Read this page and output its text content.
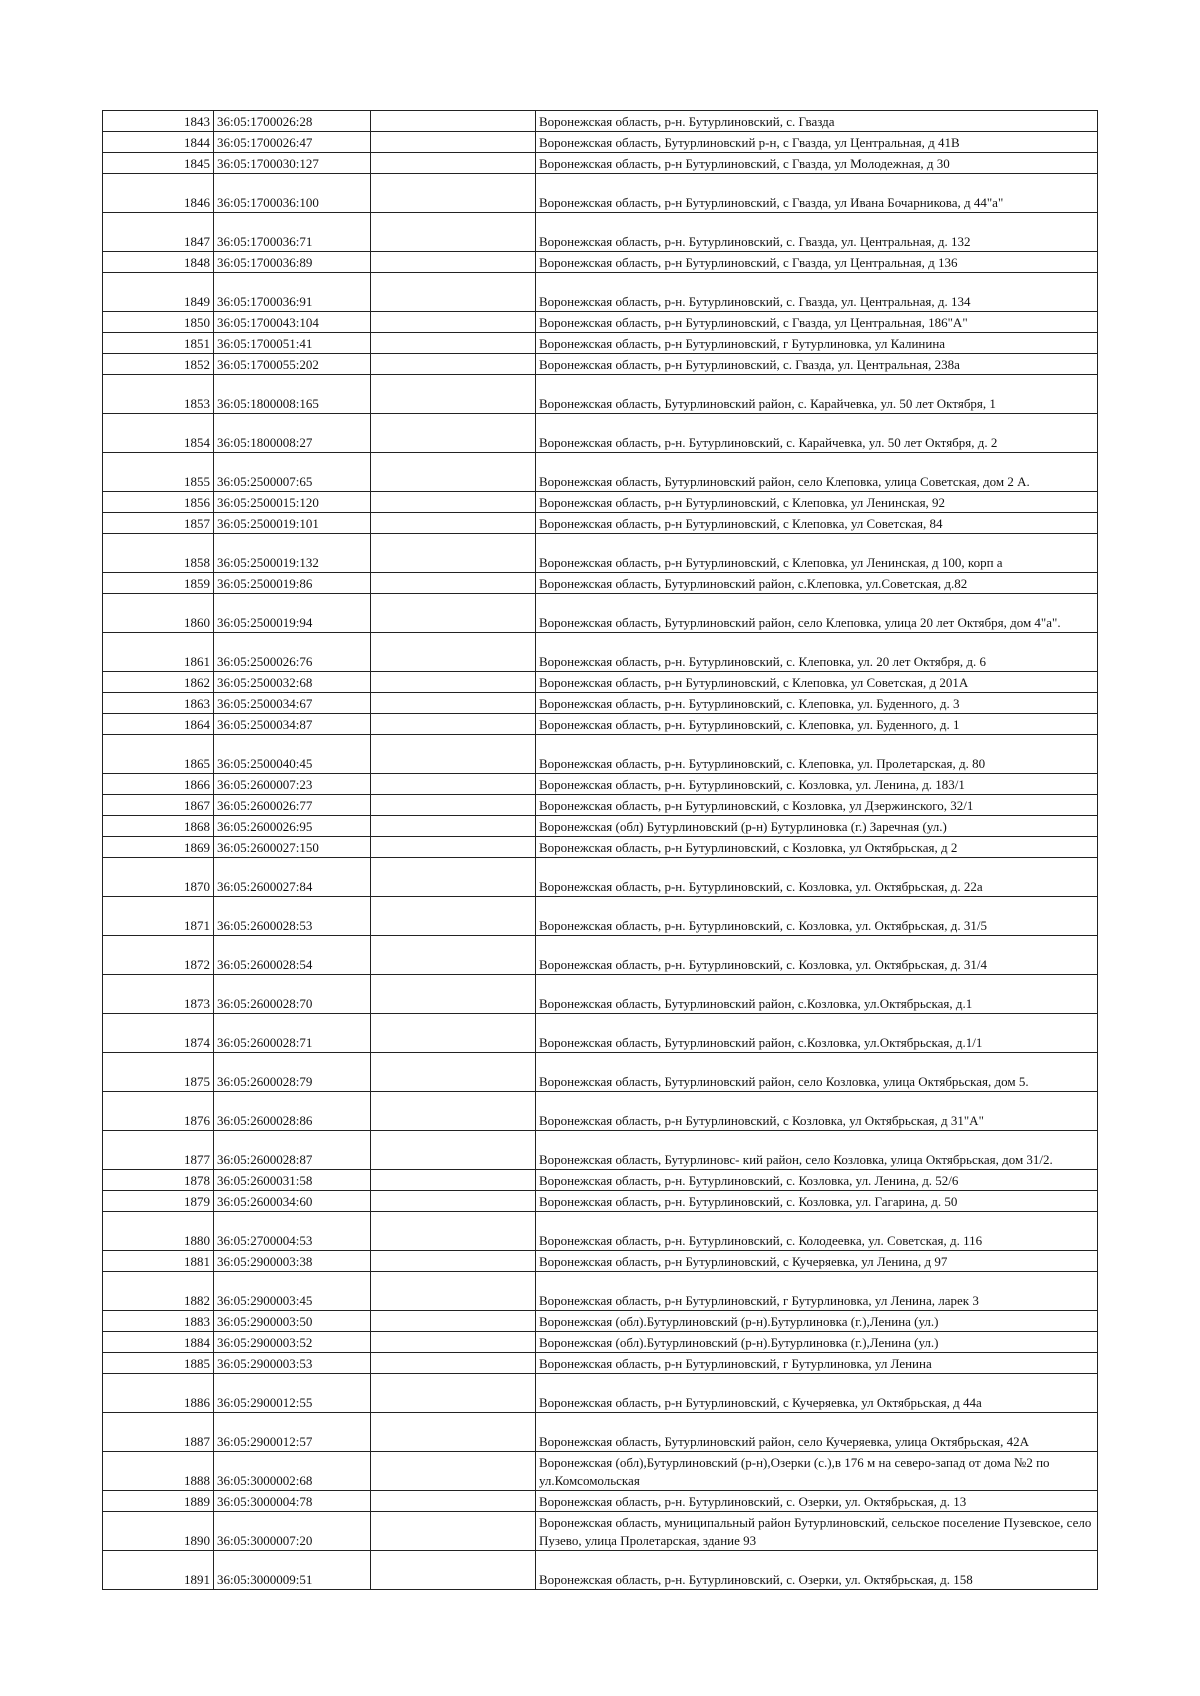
1843	36:05:1700026:28		Воронежская область, р-н. Бутурлиновский, с. Гвазда
1844	36:05:1700026:47		Воронежская область, Бутурлиновский р-н, с Гвазда, ул Центральная, д 41В
1845	36:05:1700030:127		Воронежская область, р-н Бутурлиновский, с Гвазда, ул Молодежная, д 30
1846	36:05:1700036:100		Воронежская область, р-н Бутурлиновский, с Гвазда, ул Ивана Бочарникова, д 44"а"
1847	36:05:1700036:71		Воронежская область, р-н. Бутурлиновский, с. Гвазда, ул. Центральная, д. 132
1848	36:05:1700036:89		Воронежская область, р-н Бутурлиновский, с Гвазда, ул Центральная, д 136
1849	36:05:1700036:91		Воронежская область, р-н. Бутурлиновский, с. Гвазда, ул. Центральная, д. 134
1850	36:05:1700043:104		Воронежская область, р-н Бутурлиновский, с Гвазда, ул Центральная, 186"А"
1851	36:05:1700051:41		Воронежская область, р-н Бутурлиновский, г Бутурлиновка, ул Калинина
1852	36:05:1700055:202		Воронежская область, р-н Бутурлиновский, с. Гвазда, ул. Центральная, 238а
1853	36:05:1800008:165		Воронежская область, Бутурлиновский район, с. Карайчевка, ул. 50 лет Октября, 1
1854	36:05:1800008:27		Воронежская область, р-н. Бутурлиновский, с. Карайчевка, ул. 50 лет Октября, д. 2
1855	36:05:2500007:65		Воронежская область, Бутурлиновский район, село Клеповка, улица Советская, дом 2 А.
1856	36:05:2500015:120		Воронежская область, р-н Бутурлиновский, с Клеповка, ул Ленинская, 92
1857	36:05:2500019:101		Воронежская область, р-н Бутурлиновский, с Клеповка, ул Советская, 84
1858	36:05:2500019:132		Воронежская область, р-н Бутурлиновский, с Клеповка, ул Ленинская, д 100, корп а
1859	36:05:2500019:86		Воронежская область, Бутурлиновский район, с.Клеповка, ул.Советская, д.82
1860	36:05:2500019:94		Воронежская область, Бутурлиновский район, село Клеповка, улица 20 лет Октября, дом 4"а".
1861	36:05:2500026:76		Воронежская область, р-н. Бутурлиновский, с. Клеповка, ул. 20 лет Октября, д. 6
1862	36:05:2500032:68		Воронежская область, р-н Бутурлиновский, с Клеповка, ул Советская, д 201А
1863	36:05:2500034:67		Воронежская область, р-н. Бутурлиновский, с. Клеповка, ул. Буденного, д. 3
1864	36:05:2500034:87		Воронежская область, р-н. Бутурлиновский, с. Клеповка, ул. Буденного, д. 1
1865	36:05:2500040:45		Воронежская область, р-н. Бутурлиновский, с. Клеповка, ул. Пролетарская, д. 80
1866	36:05:2600007:23		Воронежская область, р-н. Бутурлиновский, с. Козловка, ул. Ленина, д. 183/1
1867	36:05:2600026:77		Воронежская область, р-н Бутурлиновский, с Козловка, ул Дзержинского, 32/1
1868	36:05:2600026:95		Воронежская (обл) Бутурлиновский (р-н) Бутурлиновка (г.) Заречная (ул.)
1869	36:05:2600027:150		Воронежская область, р-н Бутурлиновский, с Козловка, ул Октябрьская, д 2
1870	36:05:2600027:84		Воронежская область, р-н. Бутурлиновский, с. Козловка, ул. Октябрьская, д. 22а
1871	36:05:2600028:53		Воронежская область, р-н. Бутурлиновский, с. Козловка, ул. Октябрьская, д. 31/5
1872	36:05:2600028:54		Воронежская область, р-н. Бутурлиновский, с. Козловка, ул. Октябрьская, д. 31/4
1873	36:05:2600028:70		Воронежская область, Бутурлиновский район, с.Козловка, ул.Октябрьская, д.1
1874	36:05:2600028:71		Воронежская область, Бутурлиновский район, с.Козловка, ул.Октябрьская, д.1/1
1875	36:05:2600028:79		Воронежская область, Бутурлиновский район, село Козловка, улица Октябрьская, дом 5.
1876	36:05:2600028:86		Воронежская область, р-н Бутурлиновский, с Козловка, ул Октябрьская, д 31"А"
1877	36:05:2600028:87		Воронежская область, Бутурлиновс- кий район, село Козловка, улица Октябрьская, дом 31/2.
1878	36:05:2600031:58		Воронежская область, р-н. Бутурлиновский, с. Козловка, ул. Ленина, д. 52/6
1879	36:05:2600034:60		Воронежская область, р-н. Бутурлиновский, с. Козловка, ул. Гагарина, д. 50
1880	36:05:2700004:53		Воронежская область, р-н. Бутурлиновский, с. Колодеевка, ул. Советская, д. 116
1881	36:05:2900003:38		Воронежская область, р-н Бутурлиновский, с Кучеряевка, ул Ленина, д 97
1882	36:05:2900003:45		Воронежская область, р-н Бутурлиновский, г Бутурлиновка, ул Ленина, ларек 3
1883	36:05:2900003:50		Воронежская (обл).Бутурлиновский (р-н).Бутурлиновка (г.),Ленина (ул.)
1884	36:05:2900003:52		Воронежская (обл).Бутурлиновский (р-н).Бутурлиновка (г.),Ленина (ул.)
1885	36:05:2900003:53		Воронежская область, р-н Бутурлиновский, г Бутурлиновка, ул Ленина
1886	36:05:2900012:55		Воронежская область, р-н Бутурлиновский, с Кучеряевка, ул Октябрьская, д 44а
1887	36:05:2900012:57		Воронежская область, Бутурлиновский район, село Кучеряевка, улица Октябрьская, 42А
1888	36:05:3000002:68		Воронежская (обл),Бутурлиновский (р-н),Озерки (с.),в 176 м на северо-запад от дома №2 по ул.Комсомольская
1889	36:05:3000004:78		Воронежская область, р-н. Бутурлиновский, с. Озерки, ул. Октябрьская, д. 13
1890	36:05:3000007:20		Воронежская область, муниципальный район Бутурлиновский, сельское поселение Пузевское, село Пузево, улица Пролетарская, здание 93
1891	36:05:3000009:51		Воронежская область, р-н. Бутурлиновский, с. Озерки, ул. Октябрьская, д. 158
